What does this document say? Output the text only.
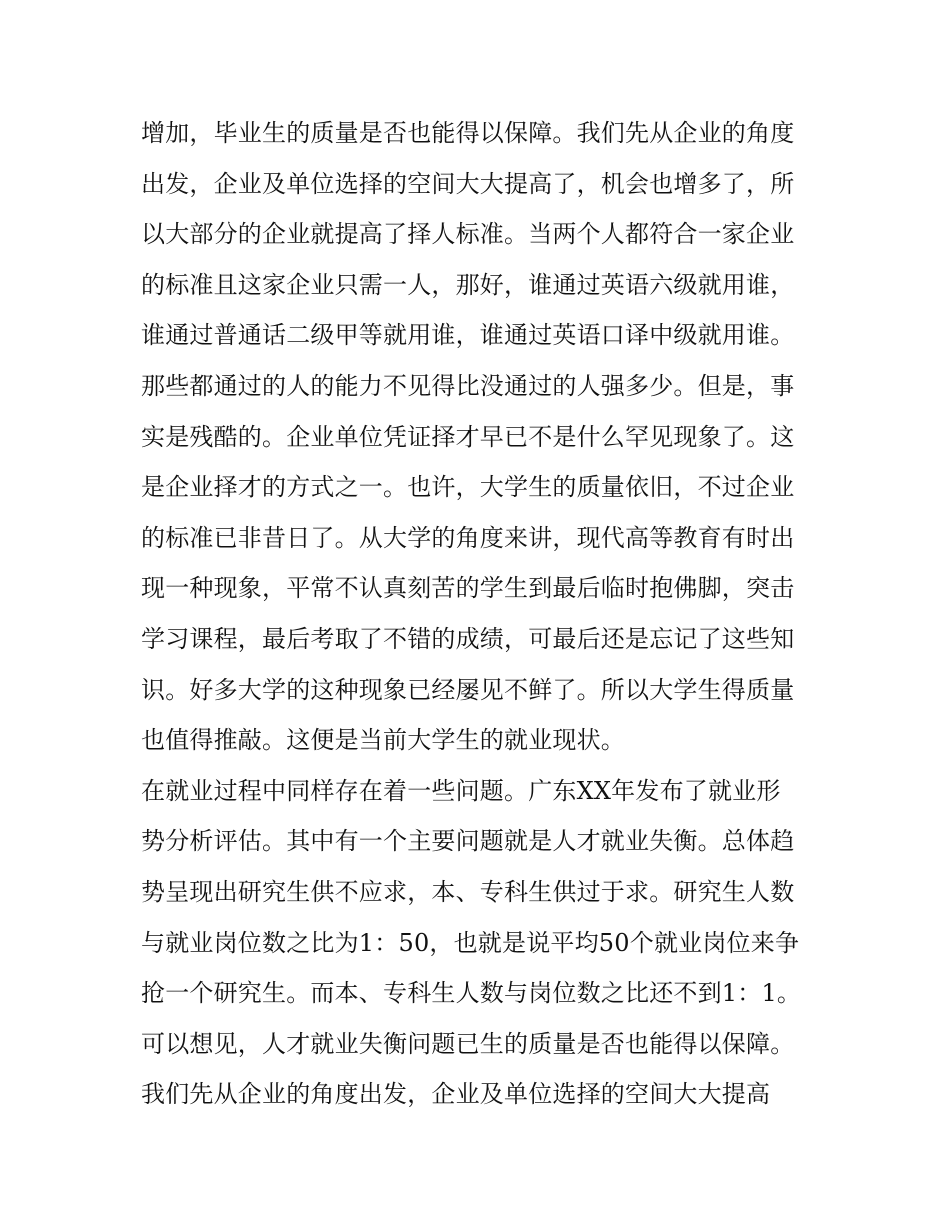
增加，毕业生的质量是否也能得以保障。我们先从企业的角度
出发，企业及单位选择的空间大大提高了，机会也增多了，所
以大部分的企业就提高了择人标准。当两个人都符合一家企业
的标准且这家企业只需一人，那好，谁通过英语六级就用谁，
谁通过普通话二级甲等就用谁，谁通过英语口译中级就用谁。
那些都通过的人的能力不见得比没通过的人强多少。但是，事
实是残酷的。企业单位凭证择才早已不是什么罕见现象了。这
是企业择才的方式之一。也许，大学生的质量依旧，不过企业
的标准已非昔日了。从大学的角度来讲，现代高等教育有时出
现一种现象，平常不认真刻苦的学生到最后临时抱佛脚，突击
学习课程，最后考取了不错的成绩，可最后还是忘记了这些知
识。好多大学的这种现象已经屡见不鲜了。所以大学生得质量
也值得推敲。这便是当前大学生的就业现状。
在就业过程中同样存在着一些问题。广东XX年发布了就业形
势分析评估。其中有一个主要问题就是人才就业失衡。总体趋
势呈现出研究生供不应求，本、专科生供过于求。研究生人数
与就业岗位数之比为1：50，也就是说平均50个就业岗位来争
抢一个研究生。而本、专科生人数与岗位数之比还不到1：1。
可以想见，人才就业失衡问题已生的质量是否也能得以保障。
我们先从企业的角度出发，企业及单位选择的空间大大提高
